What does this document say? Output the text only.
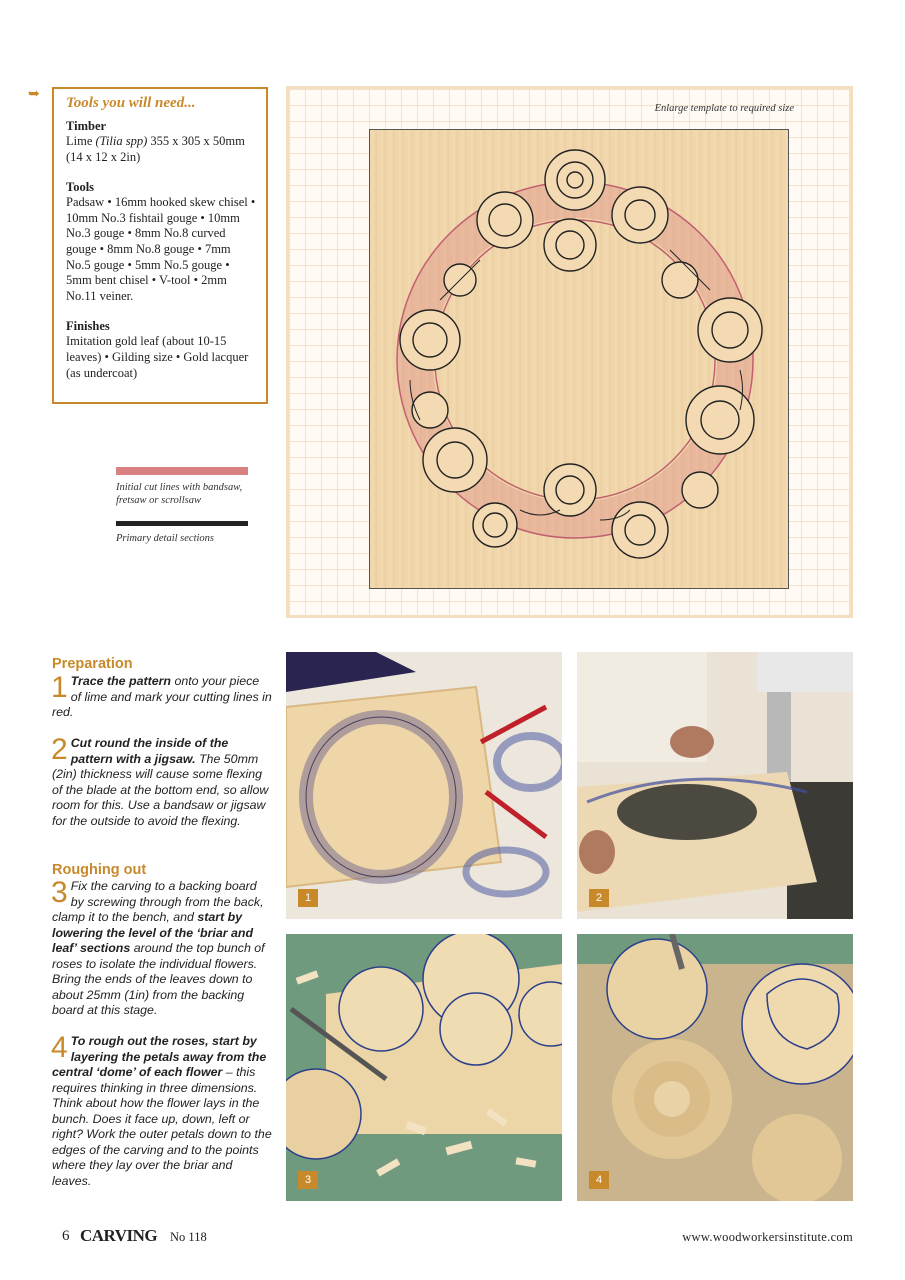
➥
Tools you will need...
Timber
Lime (Tilia spp) 355 x 305 x 50mm (14 x 12 x 2in)
Tools
Padsaw • 16mm hooked skew chisel • 10mm No.3 fishtail gouge • 10mm No.3 gouge • 8mm No.8 curved gouge • 8mm No.8 gouge • 7mm No.5 gouge • 5mm No.5 gouge • 5mm bent chisel • V-tool • 2mm No.11 veiner.
Finishes
Imitation gold leaf (about 10-15 leaves) • Gilding size • Gold lacquer (as undercoat)
Initial cut lines with bandsaw, fretsaw or scrollsaw
Primary detail sections
Enlarge template to required size
Preparation
1 Trace the pattern onto your piece of lime and mark your cutting lines in red.
2 Cut round the inside of the pattern with a jigsaw. The 50mm (2in) thickness will cause some flexing of the blade at the bottom end, so allow room for this. Use a bandsaw or jigsaw for the outside to avoid the flexing.
Roughing out
3 Fix the carving to a backing board by screwing through from the back, clamp it to the bench, and start by lowering the level of the ‘briar and leaf’ sections around the top bunch of roses to isolate the individual flowers. Bring the ends of the leaves down to about 25mm (1in) from the backing board at this stage.
4 To rough out the roses, start by layering the petals away from the central ‘dome’ of each flower – this requires thinking in three dimensions. Think about how the flower lays in the bunch. Does it face up, down, left or right? Work the outer petals down to the edges of the carving and to the points where they lay over the briar and leaves.
1	2
3	4
6 CARVING No 118	www.woodworkersinstitute.com
